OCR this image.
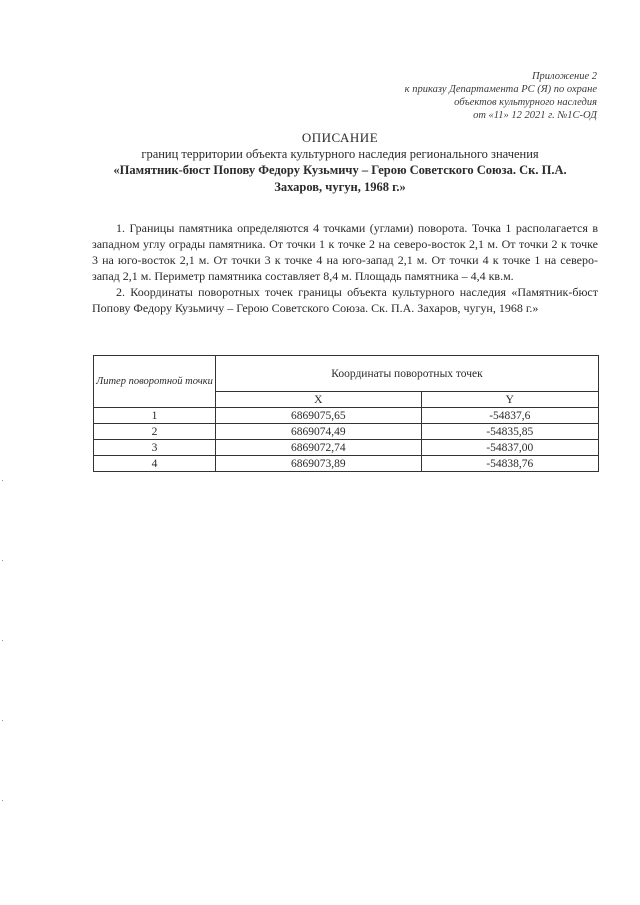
Приложение 2
к приказу Департамента РС (Я) по охране
объектов культурного наследия
от «11» 12 2021 г. №1С-ОД
ОПИСАНИЕ
границ территории объекта культурного наследия регионального значения
«Памятник-бюст Попову Федору Кузьмичу – Герою Советского Союза. Ск. П.А.
Захаров, чугун, 1968 г.»

1. Границы памятника определяются 4 точками (углами) поворота. Точка 1 располагается в западном углу ограды памятника. От точки 1 к точке 2 на северо-восток 2,1 м. От точки 2 к точке 3 на юго-восток 2,1 м. От точки 3 к точке 4 на юго-запад 2,1 м. От точки 4 к точке 1 на северо-запад 2,1 м. Периметр памятника составляет 8,4 м. Площадь памятника – 4,4 кв.м.

2. Координаты поворотных точек границы объекта культурного наследия «Памятник-бюст Попову Федору Кузьмичу – Герою Советского Союза. Ск. П.А. Захаров, чугун, 1968 г.»

Литер поворотной точки	Координаты поворотных точек	
	X	Y
1	6869075,65	-54837,6
2	6869074,49	-54835,85
3	6869072,74	-54837,00
4	6869073,89	-54838,76
